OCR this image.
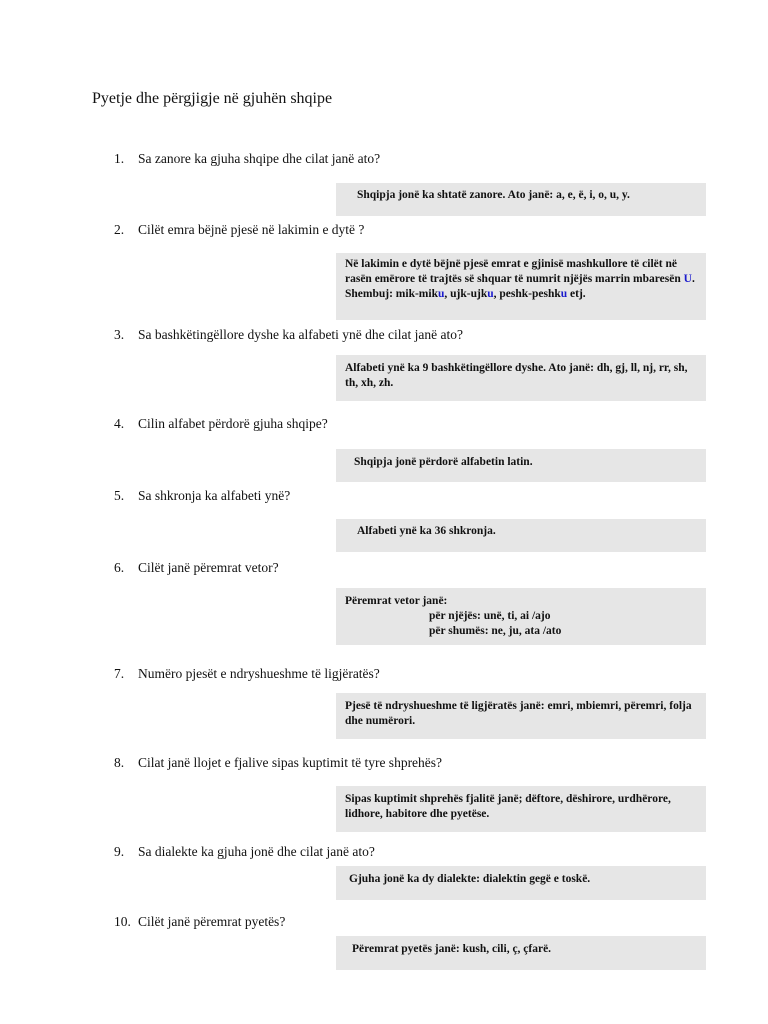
Pyetje dhe përgjigje në gjuhën shqipe
1. Sa zanore ka gjuha shqipe dhe cilat janë ato?

Shqipja jonë ka shtatë zanore. Ato janë: a, e, ë, i, o, u, y.

2. Cilët emra bëjnë pjesë në lakimin e dytë ?

Në lakimin e dytë bëjnë pjesë emrat e gjinisë mashkullore të cilët në rasën emërore të trajtës së shquar të numrit njëjës marrin mbaresën U. Shembuj: mik-miku, ujk-ujku, peshk-peshku etj.

3. Sa bashkëtingëllore dyshe ka alfabeti ynë dhe cilat janë ato?

Alfabeti ynë ka 9 bashkëtingëllore dyshe. Ato janë: dh, gj, ll, nj, rr, sh, th, xh, zh.

4. Cilin alfabet përdorë gjuha shqipe?

Shqipja jonë përdorë alfabetin latin.

5. Sa shkronja ka alfabeti ynë?

Alfabeti ynë ka 36 shkronja.

6. Cilët janë përemrat vetor?

Përemrat vetor janë:

për njëjës: unë, ti, ai /ajo

për shumës: ne, ju, ata /ato

7. Numëro pjesët e ndryshueshme të ligjëratës?

Pjesë të ndryshueshme të ligjëratës janë: emri, mbiemri, përemri, folja dhe numërori.

8. Cilat janë llojet e fjalive sipas kuptimit të tyre shprehës?

Sipas kuptimit shprehës fjalitë janë; dëftore, dëshirore, urdhërore, lidhore, habitore dhe pyetëse.

9. Sa dialekte ka gjuha jonë dhe cilat janë ato?

Gjuha jonë ka dy dialekte: dialektin gegë e toskë.

10. Cilët janë përemrat pyetës?

Përemrat pyetës janë: kush, cili, ç, çfarë.
